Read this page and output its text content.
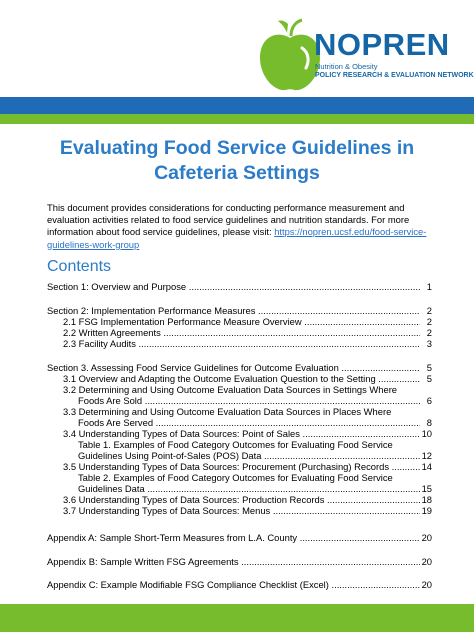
NOPREN
Nutrition & Obesity
POLICY RESEARCH & EVALUATION NETWORK
Evaluating Food Service Guidelines in
Cafeteria Settings
This document provides considerations for conducting performance measurement and evaluation activities related to food service guidelines and nutrition standards. For more information about food service guidelines, please visit: https://nopren.ucsf.edu/food-service-guidelines-work-group
Contents
Section 1: Overview and Purpose .....	1
Section 2: Implementation Performance Measures .....	2
2.1 FSG Implementation Performance Measure Overview .....	2
2.2 Written Agreements .....	2
2.3 Facility Audits .....	3
Section 3. Assessing Food Service Guidelines for Outcome Evaluation .....	5
3.1 Overview and Adapting the Outcome Evaluation Question to the Setting .....	5
3.2 Determining and Using Outcome Evaluation Data Sources in Settings Where
Foods Are Sold .....	6
3.3 Determining and Using Outcome Evaluation Data Sources in Places Where
Foods Are Served .....	8
3.4 Understanding Types of Data Sources: Point of Sales .....	10
Table 1. Examples of Food Category Outcomes for Evaluating Food Service
Guidelines Using Point-of-Sales (POS) Data .....	12
3.5 Understanding Types of Data Sources: Procurement (Purchasing) Records .....	14
Table 2. Examples of Food Category Outcomes for Evaluating Food Service
Guidelines Data .....	15
3.6 Understanding Types of Data Sources: Production Records .....	18
3.7 Understanding Types of Data Sources: Menus .....	19
Appendix A: Sample Short-Term Measures from L.A. County .....	20
Appendix B: Sample Written FSG Agreements .....	20
Appendix C: Example Modifiable FSG Compliance Checklist (Excel) .....	20
